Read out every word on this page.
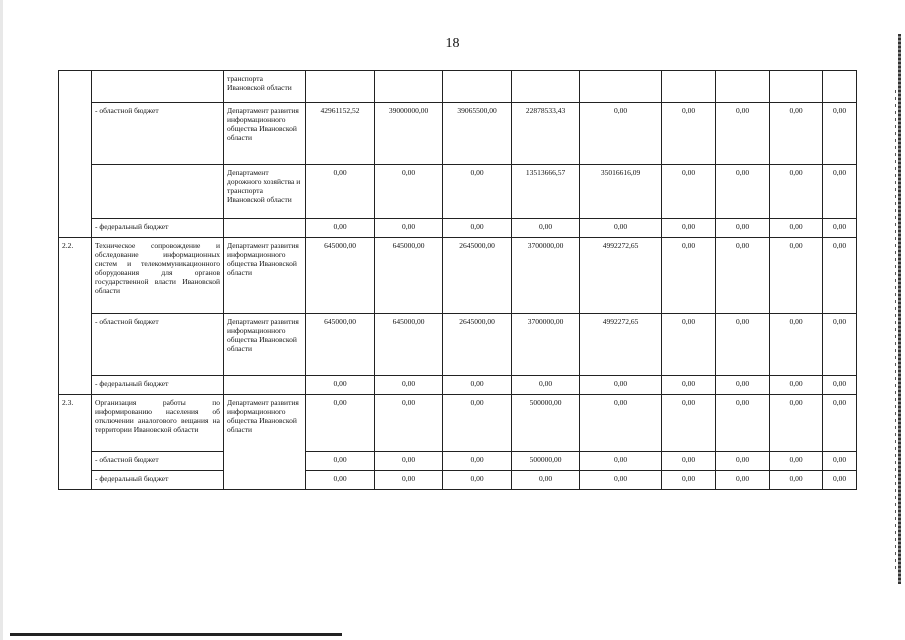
18
		транспорта Ивановской области									
	- областной бюджет	Департамент развития информационного общества Ивановской области	42961152,52	39000000,00	39065500,00	22878533,43	0,00	0,00	0,00	0,00	0,00
		Департамент дорожного хозяйства и транспорта Ивановской области	0,00	0,00	0,00	13513666,57	35016616,09	0,00	0,00	0,00	0,00
	- федеральный бюджет		0,00	0,00	0,00	0,00	0,00	0,00	0,00	0,00	0,00
2.2.	Техническое сопровождение и обследование информационных систем и телекоммуникационного оборудования для органов государственной власти Ивановской области	Департамент развития информационного общества Ивановской области	645000,00	645000,00	2645000,00	3700000,00	4992272,65	0,00	0,00	0,00	0,00
	- областной бюджет	Департамент развития информационного общества Ивановской области	645000,00	645000,00	2645000,00	3700000,00	4992272,65	0,00	0,00	0,00	0,00
	- федеральный бюджет		0,00	0,00	0,00	0,00	0,00	0,00	0,00	0,00	0,00
2.3.	Организация работы по информированию населения об отключении аналогового вещания на территории Ивановской области	Департамент развития информационного общества Ивановской области	0,00	0,00	0,00	500000,00	0,00	0,00	0,00	0,00	0,00
	- областной бюджет		0,00	0,00	0,00	500000,00	0,00	0,00	0,00	0,00	0,00
	- федеральный бюджет		0,00	0,00	0,00	0,00	0,00	0,00	0,00	0,00	0,00
